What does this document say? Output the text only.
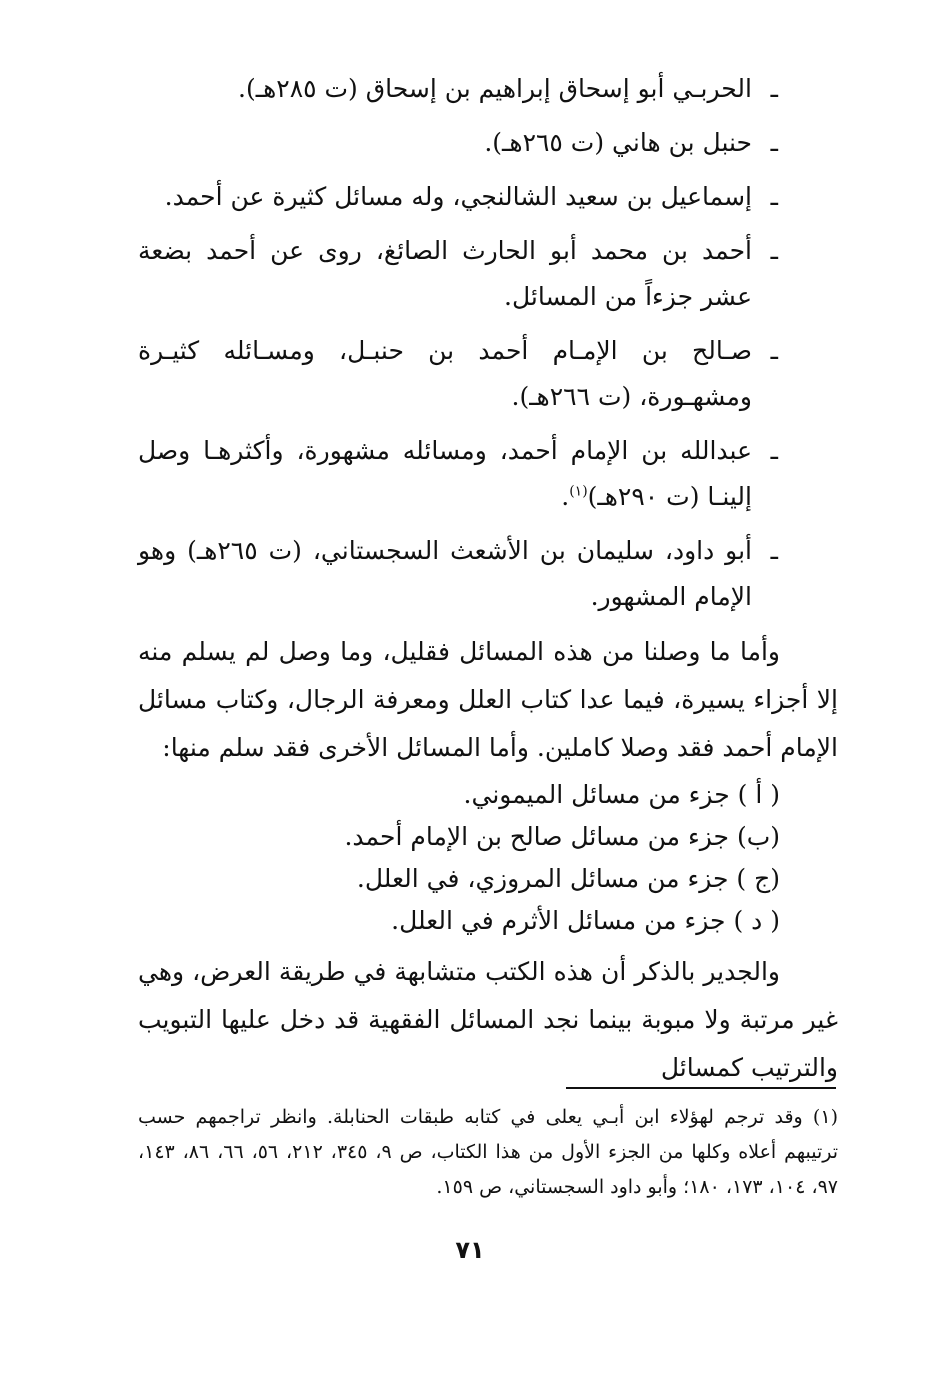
ـ
الحربـي أبو إسحاق إبراهيم بن إسحاق (ت ٢٨٥هـ).
ـ
حنبل بن هاني (ت ٢٦٥هـ).
ـ
إسماعيل بن سعيد الشالنجي، وله مسائل كثيرة عن أحمد.
ـ
أحمد بن محمد أبو الحارث الصائغ، روى عن أحمد بضعة عشر جزءاً من المسائل.
ـ
صـالح بن الإمـام أحمد بن حنبـل، ومسـائله كثيـرة ومشهـورة، (ت ٢٦٦هـ).
ـ
عبدالله بن الإمام أحمد، ومسائله مشهورة، وأكثرهـا وصل إلينـا (ت ٢٩٠هـ)$^{(١)}$.
ـ
أبو داود، سليمان بن الأشعث السجستاني، (ت ٢٦٥هـ) وهو الإمام المشهور.

وأما ما وصلنا من هذه المسائل فقليل، وما وصل لم يسلم منه إلا أجزاء يسيرة، فيما عدا كتاب العلل ومعرفة الرجال، وكتاب مسائل الإمام أحمد فقد وصلا كاملين. وأما المسائل الأخرى فقد سلم منها:

( أ ) جزء من مسائل الميموني.
(ب) جزء من مسائل صالح بن الإمام أحمد.
(ج ) جزء من مسائل المروزي، في العلل.
( د ) جزء من مسائل الأثرم في العلل.

والجدير بالذكر أن هذه الكتب متشابهة في طريقة العرض، وهي غير مرتبة ولا مبوبة بينما نجد المسائل الفقهية قد دخل عليها التبويب والترتيب كمسائل

(١) وقد ترجم لهؤلاء ابن أبـي يعلى في كتابه طبقات الحنابلة. وانظر تراجمهم حسب ترتيبهم أعلاه وكلها من الجزء الأول من هذا الكتاب، ص ٩، ٣٤٥، ٢١٢، ٥٦، ٦٦، ٨٦، ١٤٣، ٩٧، ١٠٤، ١٧٣، ١٨٠؛ وأبو داود السجستاني، ص ١٥٩.

٧١
